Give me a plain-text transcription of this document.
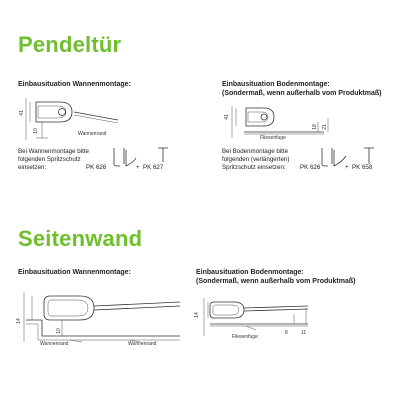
Pendeltür
Einbausituation Wannenmontage:
41
10	Wannenrand
Bei Wannenmontage bitte
folgenden Spritzschutz
einsetzen:	PK 626	+ PK 627
Einbausituation Bodenmontage:
(Sondermaß, wenn außerhalb vom Produktmaß)
41
18 21
Fliesenfuge
Bei Bodenmontage bitte
folgenden (verlängerten)
Spritzschutz einsetzen:	PK 626	+ PK 658
Seitenwand
Einbausituation Wannenmontage:
14
10
Wannenrand	Wannenrand
Einbausituation Bodenmontage:
(Sondermaß, wenn außerhalb vom Produktmaß)
14
8	11
Fliesenfuge
